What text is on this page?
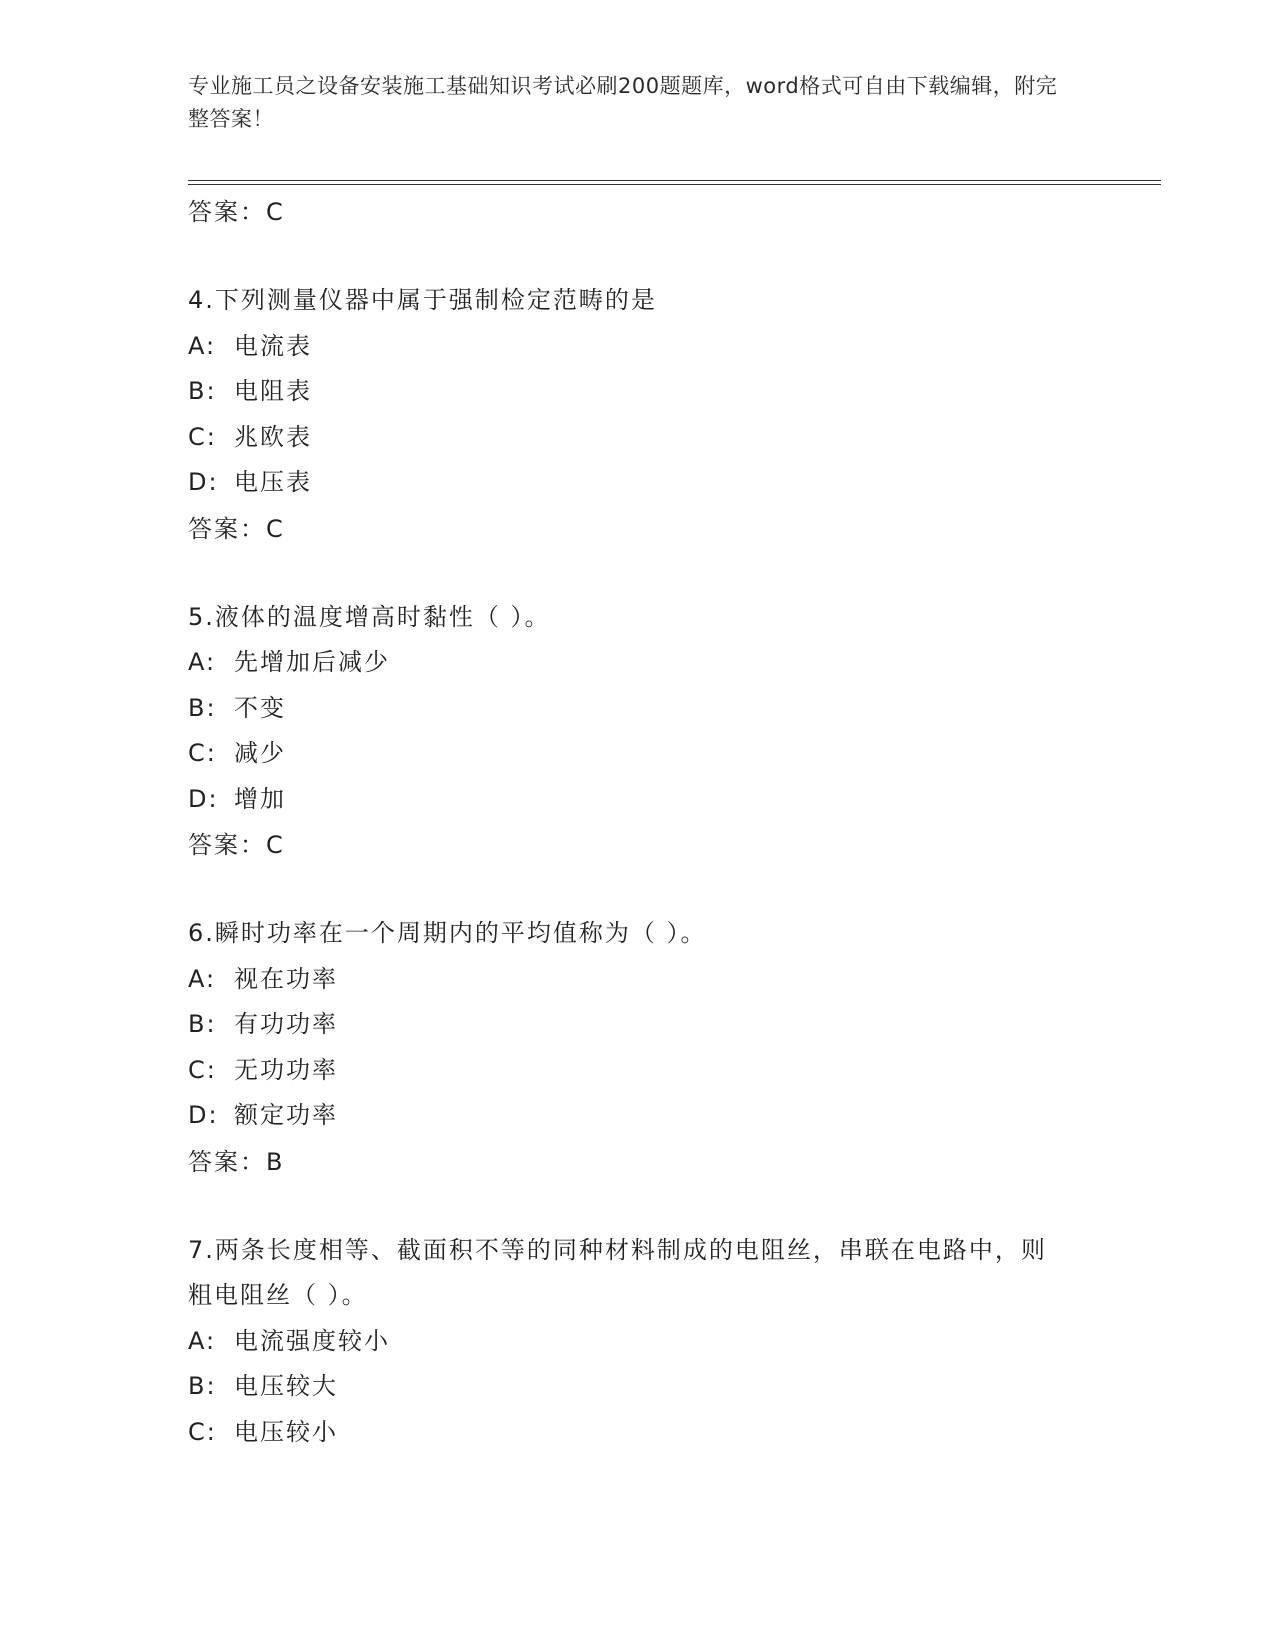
专业施工员之设备安装施工基础知识考试必刷200题题库，word格式可自由下载编辑，附完整答案！
答案：C
4.下列测量仪器中属于强制检定范畴的是
A: 电流表
B: 电阻表
C: 兆欧表
D: 电压表
答案：C
5.液体的温度增高时黏性（ ）。
A: 先增加后减少
B: 不变
C: 减少
D: 增加
答案：C
6.瞬时功率在一个周期内的平均值称为（ ）。
A: 视在功率
B: 有功功率
C: 无功功率
D: 额定功率
答案：B
7.两条长度相等、截面积不等的同种材料制成的电阻丝，串联在电路中，则粗电阻丝（ ）。
A: 电流强度较小
B: 电压较大
C: 电压较小
